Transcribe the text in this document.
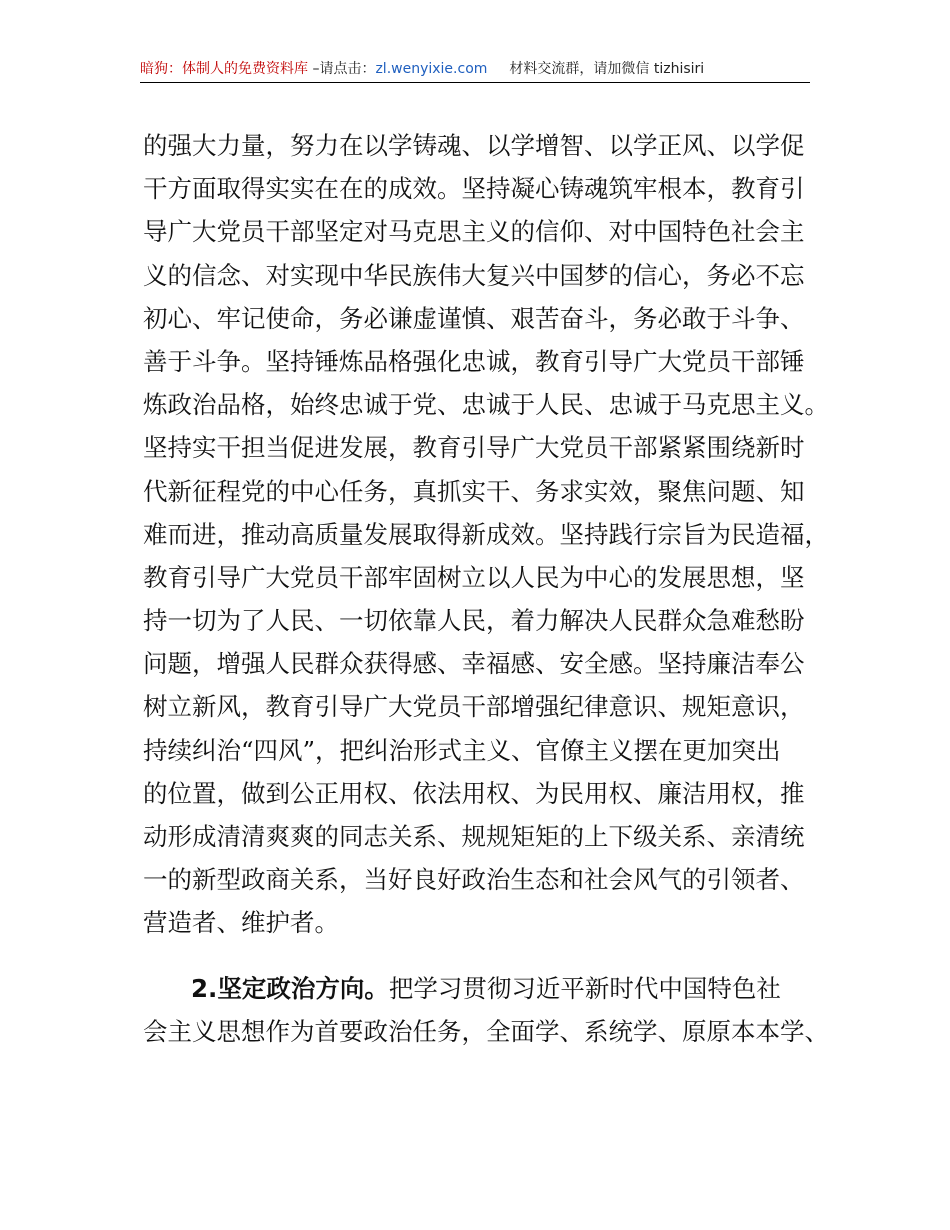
暗狗：体制人的免费资料库 –请点击：zl.wenyixie.com 材料交流群，请加微信 tizhisiri
的强大力量，努力在以学铸魂、以学增智、以学正风、以学促
干方面取得实实在在的成效。坚持凝心铸魂筑牢根本，教育引
导广大党员干部坚定对马克思主义的信仰、对中国特色社会主
义的信念、对实现中华民族伟大复兴中国梦的信心，务必不忘
初心、牢记使命，务必谦虚谨慎、艰苦奋斗，务必敢于斗争、
善于斗争。坚持锤炼品格强化忠诚，教育引导广大党员干部锤
炼政治品格，始终忠诚于党、忠诚于人民、忠诚于马克思主义。
坚持实干担当促进发展，教育引导广大党员干部紧紧围绕新时
代新征程党的中心任务，真抓实干、务求实效，聚焦问题、知
难而进，推动高质量发展取得新成效。坚持践行宗旨为民造福，
教育引导广大党员干部牢固树立以人民为中心的发展思想，坚
持一切为了人民、一切依靠人民，着力解决人民群众急难愁盼
问题，增强人民群众获得感、幸福感、安全感。坚持廉洁奉公
树立新风，教育引导广大党员干部增强纪律意识、规矩意识，
持续纠治“四风”，把纠治形式主义、官僚主义摆在更加突出
的位置，做到公正用权、依法用权、为民用权、廉洁用权，推
动形成清清爽爽的同志关系、规规矩矩的上下级关系、亲清统
一的新型政商关系，当好良好政治生态和社会风气的引领者、
营造者、维护者。
2.坚定政治方向。把学习贯彻习近平新时代中国特色社
会主义思想作为首要政治任务，全面学、系统学、原原本本学、
